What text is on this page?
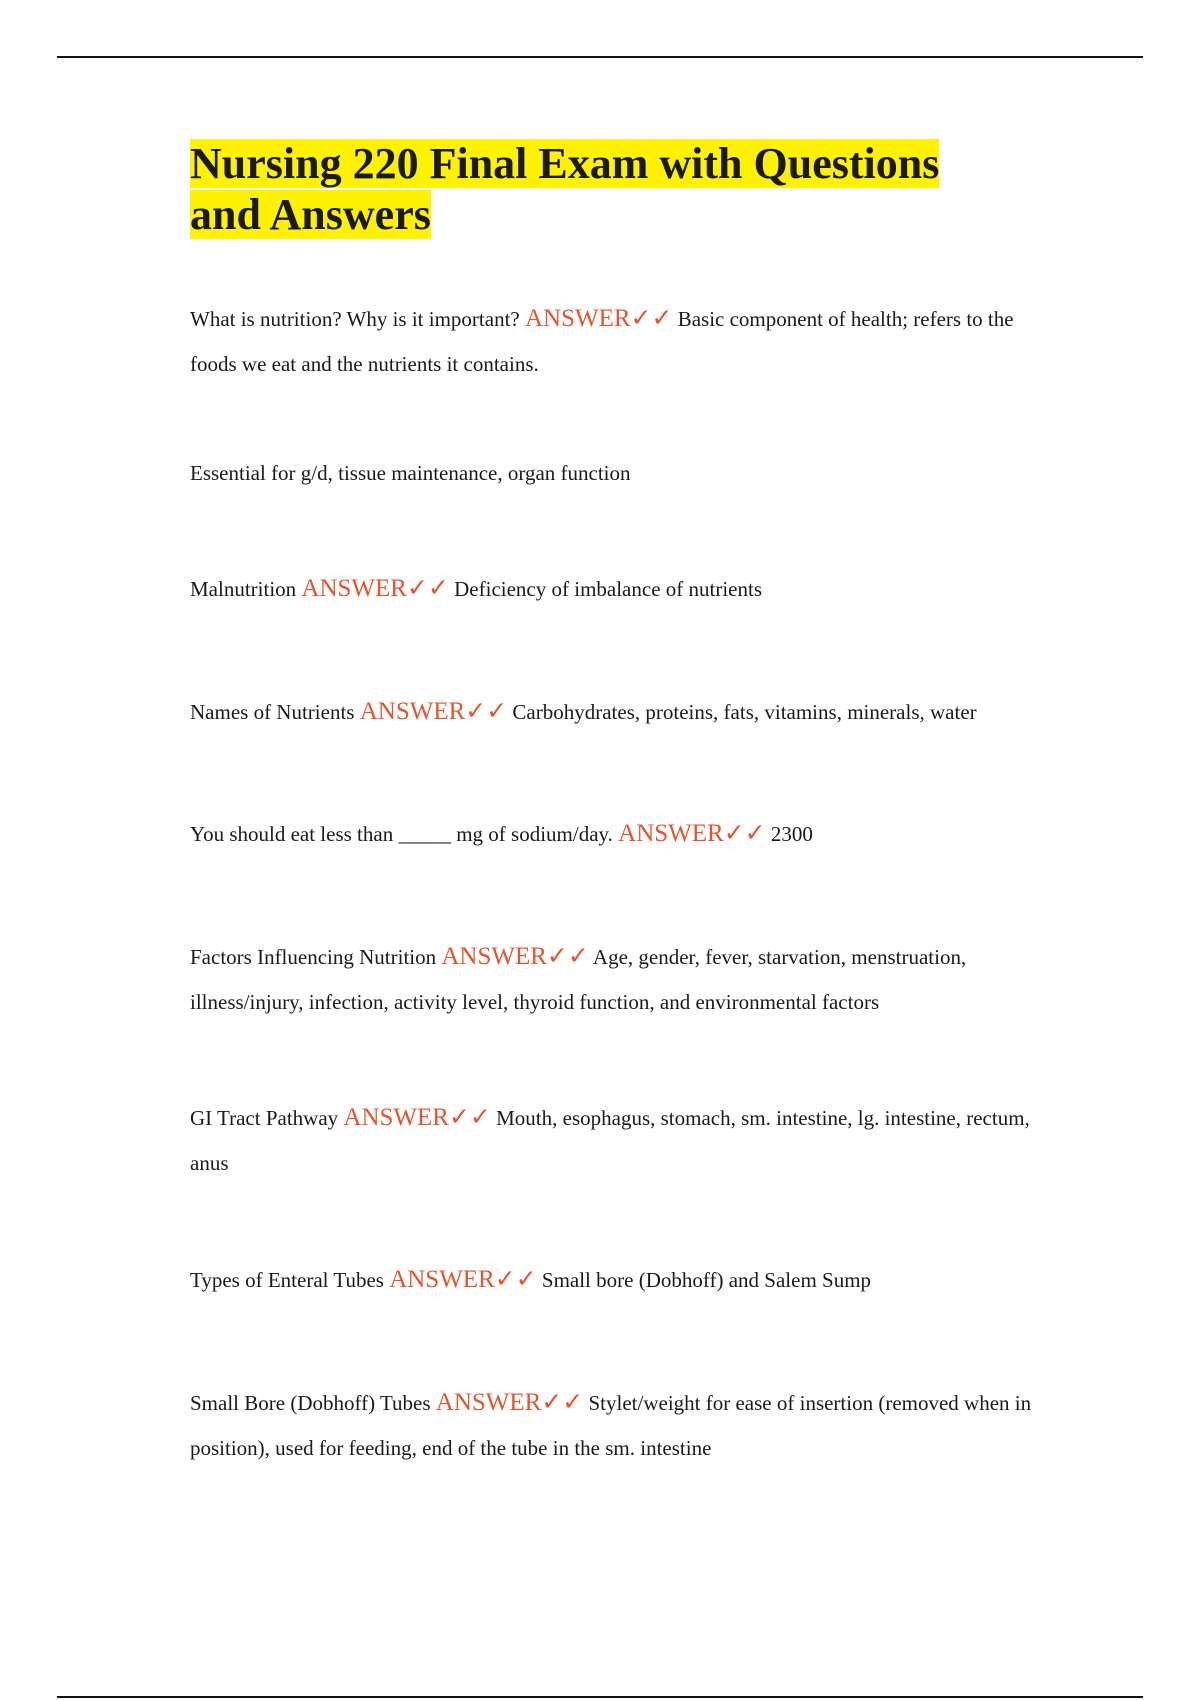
Nursing 220 Final Exam with Questions and Answers

What is nutrition? Why is it important? ANSWER✓✓ Basic component of health; refers to the foods we eat and the nutrients it contains.

Essential for g/d, tissue maintenance, organ function

Malnutrition ANSWER✓✓ Deficiency of imbalance of nutrients

Names of Nutrients ANSWER✓✓ Carbohydrates, proteins, fats, vitamins, minerals, water

You should eat less than _____ mg of sodium/day. ANSWER✓✓ 2300

Factors Influencing Nutrition ANSWER✓✓ Age, gender, fever, starvation, menstruation, illness/injury, infection, activity level, thyroid function, and environmental factors

GI Tract Pathway ANSWER✓✓ Mouth, esophagus, stomach, sm. intestine, lg. intestine, rectum, anus

Types of Enteral Tubes ANSWER✓✓ Small bore (Dobhoff) and Salem Sump

Small Bore (Dobhoff) Tubes ANSWER✓✓ Stylet/weight for ease of insertion (removed when in position), used for feeding, end of the tube in the sm. intestine
